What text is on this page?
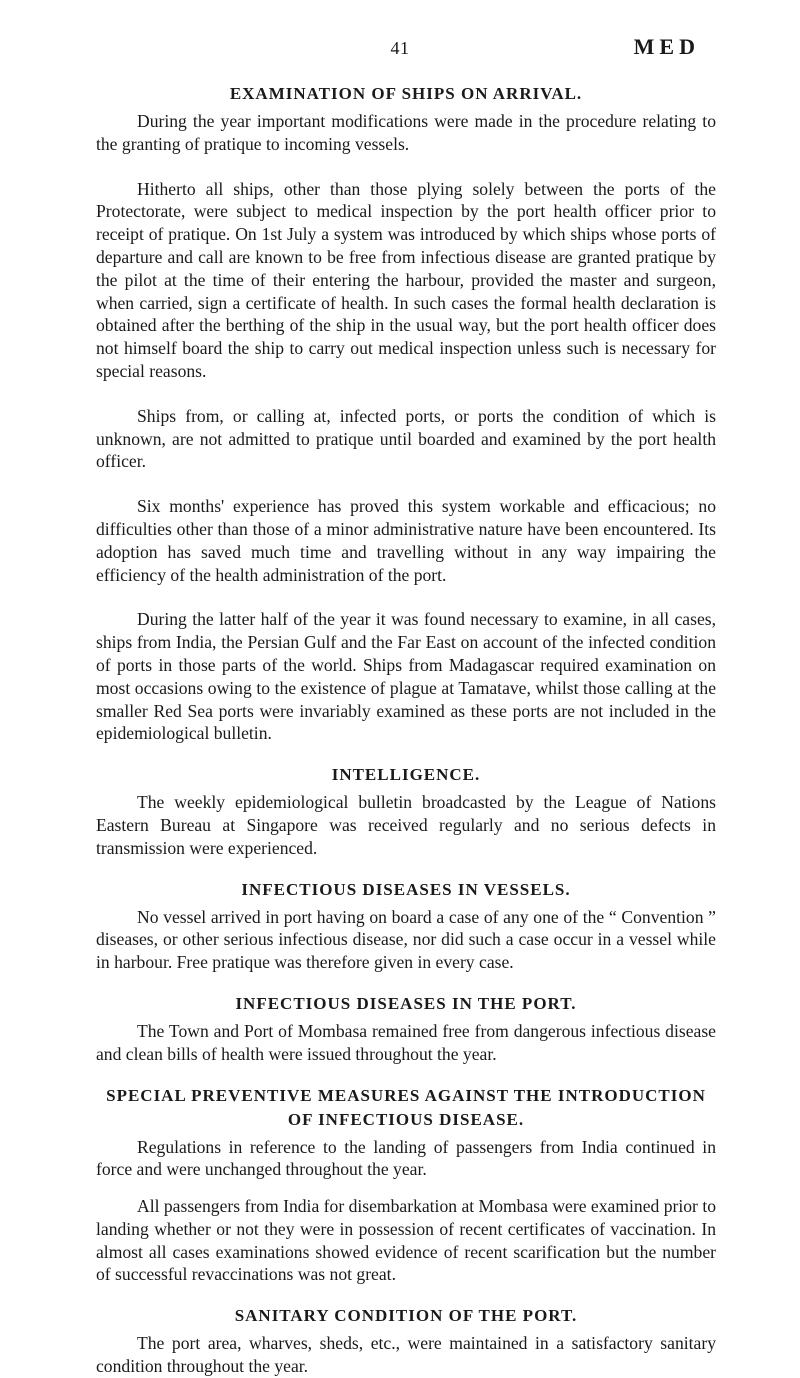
41	MED
EXAMINATION OF SHIPS ON ARRIVAL.

During the year important modifications were made in the procedure relating to the granting of pratique to incoming vessels.

Hitherto all ships, other than those plying solely between the ports of the Protectorate, were subject to medical inspection by the port health officer prior to receipt of pratique. On 1st July a system was introduced by which ships whose ports of departure and call are known to be free from infectious disease are granted pratique by the pilot at the time of their entering the harbour, provided the master and surgeon, when carried, sign a certificate of health. In such cases the formal health declaration is obtained after the berthing of the ship in the usual way, but the port health officer does not himself board the ship to carry out medical inspection unless such is necessary for special reasons.

Ships from, or calling at, infected ports, or ports the condition of which is unknown, are not admitted to pratique until boarded and examined by the port health officer.

Six months' experience has proved this system workable and efficacious; no difficulties other than those of a minor administrative nature have been encountered. Its adoption has saved much time and travelling without in any way impairing the efficiency of the health administration of the port.

During the latter half of the year it was found necessary to examine, in all cases, ships from India, the Persian Gulf and the Far East on account of the infected condition of ports in those parts of the world. Ships from Madagascar required examination on most occasions owing to the existence of plague at Tamatave, whilst those calling at the smaller Red Sea ports were invariably examined as these ports are not included in the epidemiological bulletin.

INTELLIGENCE.

The weekly epidemiological bulletin broadcasted by the League of Nations Eastern Bureau at Singapore was received regularly and no serious defects in transmission were experienced.

INFECTIOUS DISEASES IN VESSELS.

No vessel arrived in port having on board a case of any one of the “ Convention ” diseases, or other serious infectious disease, nor did such a case occur in a vessel while in harbour. Free pratique was therefore given in every case.

INFECTIOUS DISEASES IN THE PORT.

The Town and Port of Mombasa remained free from dangerous infectious disease and clean bills of health were issued throughout the year.

SPECIAL PREVENTIVE MEASURES AGAINST THE INTRODUCTION OF INFECTIOUS DISEASE.

Regulations in reference to the landing of passengers from India continued in force and were unchanged throughout the year.

All passengers from India for disembarkation at Mombasa were examined prior to landing whether or not they were in possession of recent certificates of vaccination. In almost all cases examinations showed evidence of recent scarification but the number of successful revaccinations was not great.

SANITARY CONDITION OF THE PORT.

The port area, wharves, sheds, etc., were maintained in a satisfactory sanitary condition throughout the year.
